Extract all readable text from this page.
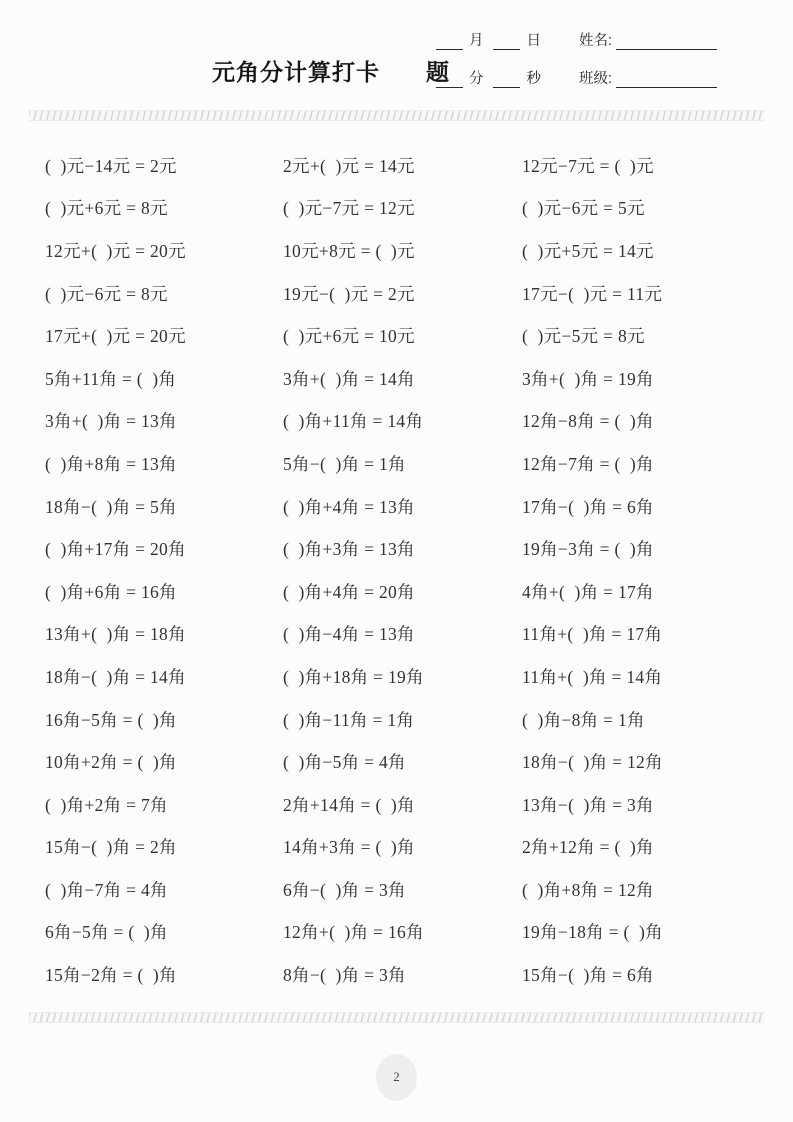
元角分计算打卡 题
月	日	姓名:
分	秒	班级:
(  )元−14元 = 2元
(  )元+6元 = 8元
12元+(  )元 = 20元
(  )元−6元 = 8元
17元+(  )元 = 20元
5角+11角 = (  )角
3角+(  )角 = 13角
(  )角+8角 = 13角
18角−(  )角 = 5角
(  )角+17角 = 20角
(  )角+6角 = 16角
13角+(  )角 = 18角
18角−(  )角 = 14角
16角−5角 = (  )角
10角+2角 = (  )角
(  )角+2角 = 7角
15角−(  )角 = 2角
(  )角−7角 = 4角
6角−5角 = (  )角
15角−2角 = (  )角
2元+(  )元 = 14元
(  )元−7元 = 12元
10元+8元 = (  )元
19元−(  )元 = 2元
(  )元+6元 = 10元
3角+(  )角 = 14角
(  )角+11角 = 14角
5角−(  )角 = 1角
(  )角+4角 = 13角
(  )角+3角 = 13角
(  )角+4角 = 20角
(  )角−4角 = 13角
(  )角+18角 = 19角
(  )角−11角 = 1角
(  )角−5角 = 4角
2角+14角 = (  )角
14角+3角 = (  )角
6角−(  )角 = 3角
12角+(  )角 = 16角
8角−(  )角 = 3角
12元−7元 = (  )元
(  )元−6元 = 5元
(  )元+5元 = 14元
17元−(  )元 = 11元
(  )元−5元 = 8元
3角+(  )角 = 19角
12角−8角 = (  )角
12角−7角 = (  )角
17角−(  )角 = 6角
19角−3角 = (  )角
4角+(  )角 = 17角
11角+(  )角 = 17角
11角+(  )角 = 14角
(  )角−8角 = 1角
18角−(  )角 = 12角
13角−(  )角 = 3角
2角+12角 = (  )角
(  )角+8角 = 12角
19角−18角 = (  )角
15角−(  )角 = 6角
2
